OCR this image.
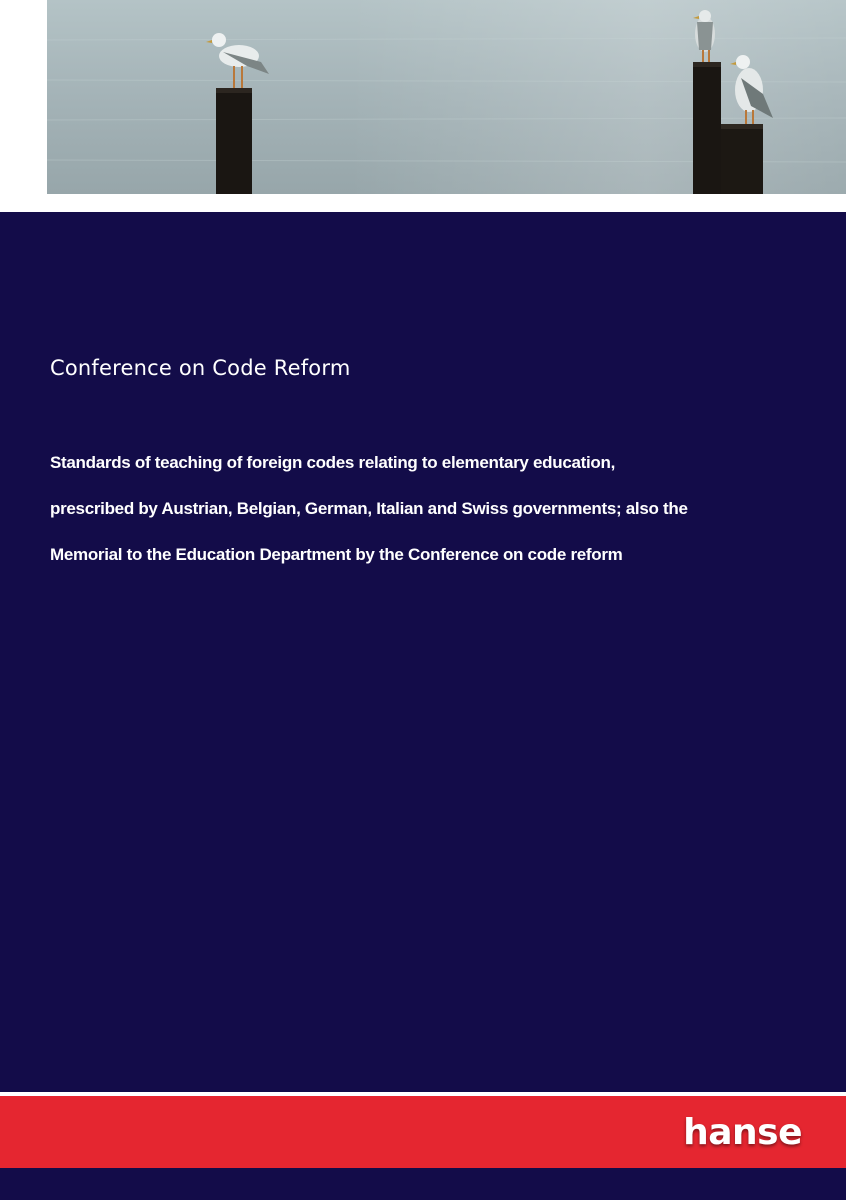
Conference on Code Reform
Standards of teaching of foreign codes relating to elementary education,
prescribed by Austrian, Belgian, German, Italian and Swiss governments; also the
Memorial to the Education Department by the Conference on code reform
hanse
